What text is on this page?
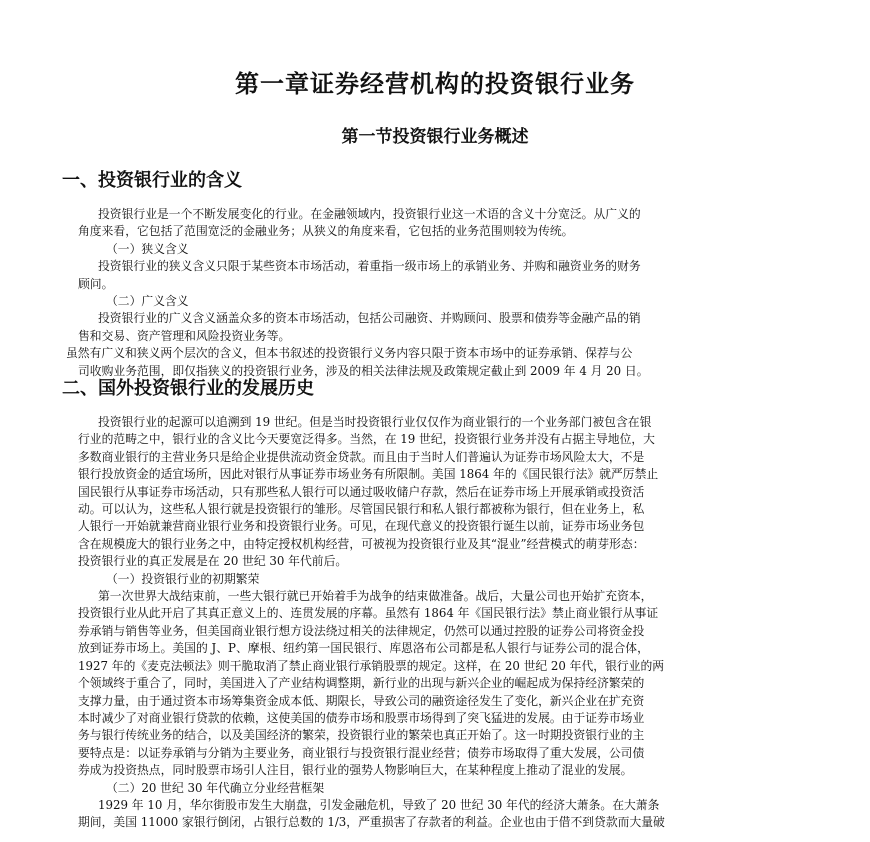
第一章证券经营机构的投资银行业务
第一节投资银行业务概述
一、投资银行业的含义

投资银行业是一个不断发展变化的行业。在金融领域内，投资银行业这一术语的含义十分宽泛。从广义的

角度来看，它包括了范围宽泛的金融业务；从狭义的角度来看，它包括的业务范围则较为传统。

（一）狭义含义

投资银行业的狭义含义只限于某些资本市场活动，着重指一级市场上的承销业务、并购和融资业务的财务

顾问。

（二）广义含义

投资银行业的广义含义涵盖众多的资本市场活动，包括公司融资、并购顾问、股票和债券等金融产品的销

售和交易、资产管理和风险投资业务等。

虽然有广义和狭义两个层次的含义，但本书叙述的投资银行义务内容只限于资本市场中的证券承销、保荐与公

司收购业务范围，即仅指狭义的投资银行业务，涉及的相关法律法规及政策规定截止到 2009 年 4 月 20 日。

二、国外投资银行业的发展历史

投资银行业的起源可以追溯到 19 世纪。但是当时投资银行业仅仅作为商业银行的一个业务部门被包含在银

行业的范畴之中，银行业的含义比今天要宽泛得多。当然，在 19 世纪，投资银行业务并没有占据主导地位，大

多数商业银行的主营业务只是给企业提供流动资金贷款。而且由于当时人们普遍认为证券市场风险太大，不是

银行投放资金的适宜场所，因此对银行从事证券市场业务有所限制。美国 1864 年的《国民银行法》就严厉禁止

国民银行从事证券市场活动，只有那些私人银行可以通过吸收储户存款，然后在证券市场上开展承销或投资活

动。可以认为，这些私人银行就是投资银行的雏形。尽管国民银行和私人银行都被称为银行，但在业务上，私

人银行一开始就兼营商业银行业务和投资银行业务。可见，在现代意义的投资银行诞生以前，证券市场业务包

含在规模庞大的银行业务之中，由特定授权机构经营，可被视为投资银行业及其“混业”经营模式的萌芽形态：

投资银行业的真正发展是在 20 世纪 30 年代前后。

（一）投资银行业的初期繁荣

第一次世界大战结束前，一些大银行就已开始着手为战争的结束做准备。战后，大量公司也开始扩充资本，

投资银行业从此开启了其真正意义上的、连贯发展的序幕。虽然有 1864 年《国民银行法》禁止商业银行从事证

券承销与销售等业务，但美国商业银行想方设法绕过相关的法律规定，仍然可以通过控股的证券公司将资金投

放到证券市场上。美国的 J、P、摩根、纽约第一国民银行、库恩洛布公司都是私人银行与证券公司的混合体，

1927 年的《麦克法顿法》则干脆取消了禁止商业银行承销股票的规定。这样，在 20 世纪 20 年代，银行业的两

个领域终于重合了，同时，美国进入了产业结构调整期，新行业的出现与新兴企业的崛起成为保持经济繁荣的

支撑力量，由于通过资本市场筹集资金成本低、期限长，导致公司的融资途径发生了变化，新兴企业在扩充资

本时减少了对商业银行贷款的依赖，这使美国的债券市场和股票市场得到了突飞猛进的发展。由于证券市场业

务与银行传统业务的结合，以及美国经济的繁荣，投资银行业的繁荣也真正开始了。这一时期投资银行业的主

要特点是：以证券承销与分销为主要业务，商业银行与投资银行混业经营；债券市场取得了重大发展，公司债

券成为投资热点，同时股票市场引人注目，银行业的强势人物影响巨大，在某种程度上推动了混业的发展。

（二）20 世纪 30 年代确立分业经营框架

1929 年 10 月，华尔街股市发生大崩盘，引发金融危机，导致了 20 世纪 30 年代的经济大萧条。在大萧条

期间，美国 11000 家银行倒闭，占银行总数的 1/3，严重损害了存款者的利益。企业也由于借不到贷款而大量破
